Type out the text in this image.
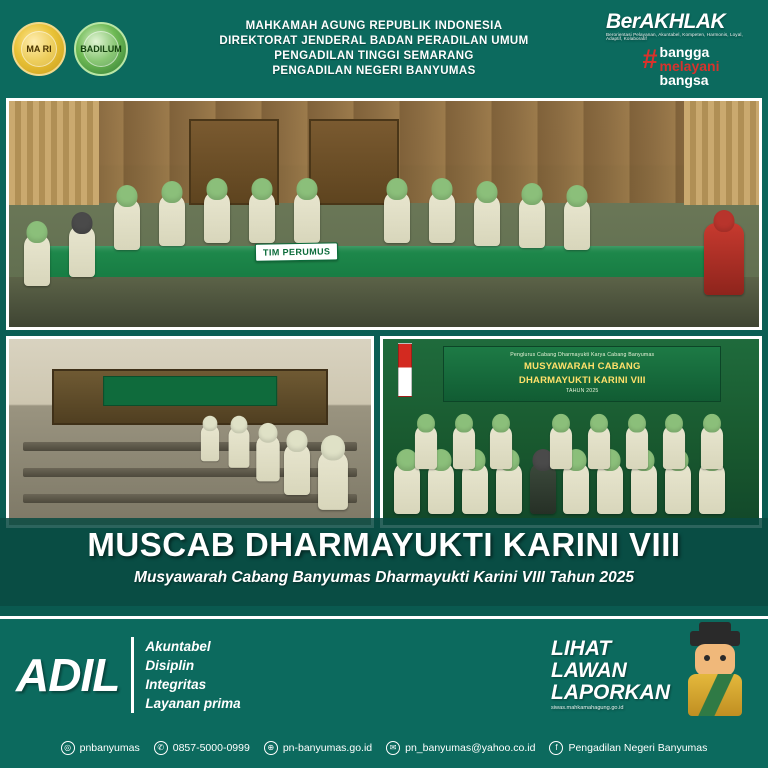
MA RI	BADILUM
MAHKAMAH AGUNG REPUBLIK INDONESIA
DIREKTORAT JENDERAL BADAN PERADILAN UMUM
PENGADILAN TINGGI SEMARANG
PENGADILAN NEGERI BANYUMAS
BerAKHLAK
Berorientasi Pelayanan, Akuntabel, Kompeten, Harmonis, Loyal, Adaptif, Kolaboratif
# bangga
melayani
bangsa
TIM PERUMUS
Penglurus Cabang Dharmayukti Karya Cabang Banyumas
MUSYAWARAH CABANG
DHARMAYUKTI KARINI VIII
TAHUN 2025
MUSCAB DHARMAYUKTI KARINI VIII
Musyawarah Cabang Banyumas Dharmayukti Karini VIII Tahun 2025
ADIL
Akuntabel
Disiplin
Integritas
Layanan prima
LIHAT
LAWAN
LAPORKAN
siwas.mahkamahagung.go.id
◎ pnbanyumas	✆ 0857-5000-0999	⊕ pn-banyumas.go.id	✉ pn_banyumas@yahoo.co.id	f	Pengadilan Negeri Banyumas
